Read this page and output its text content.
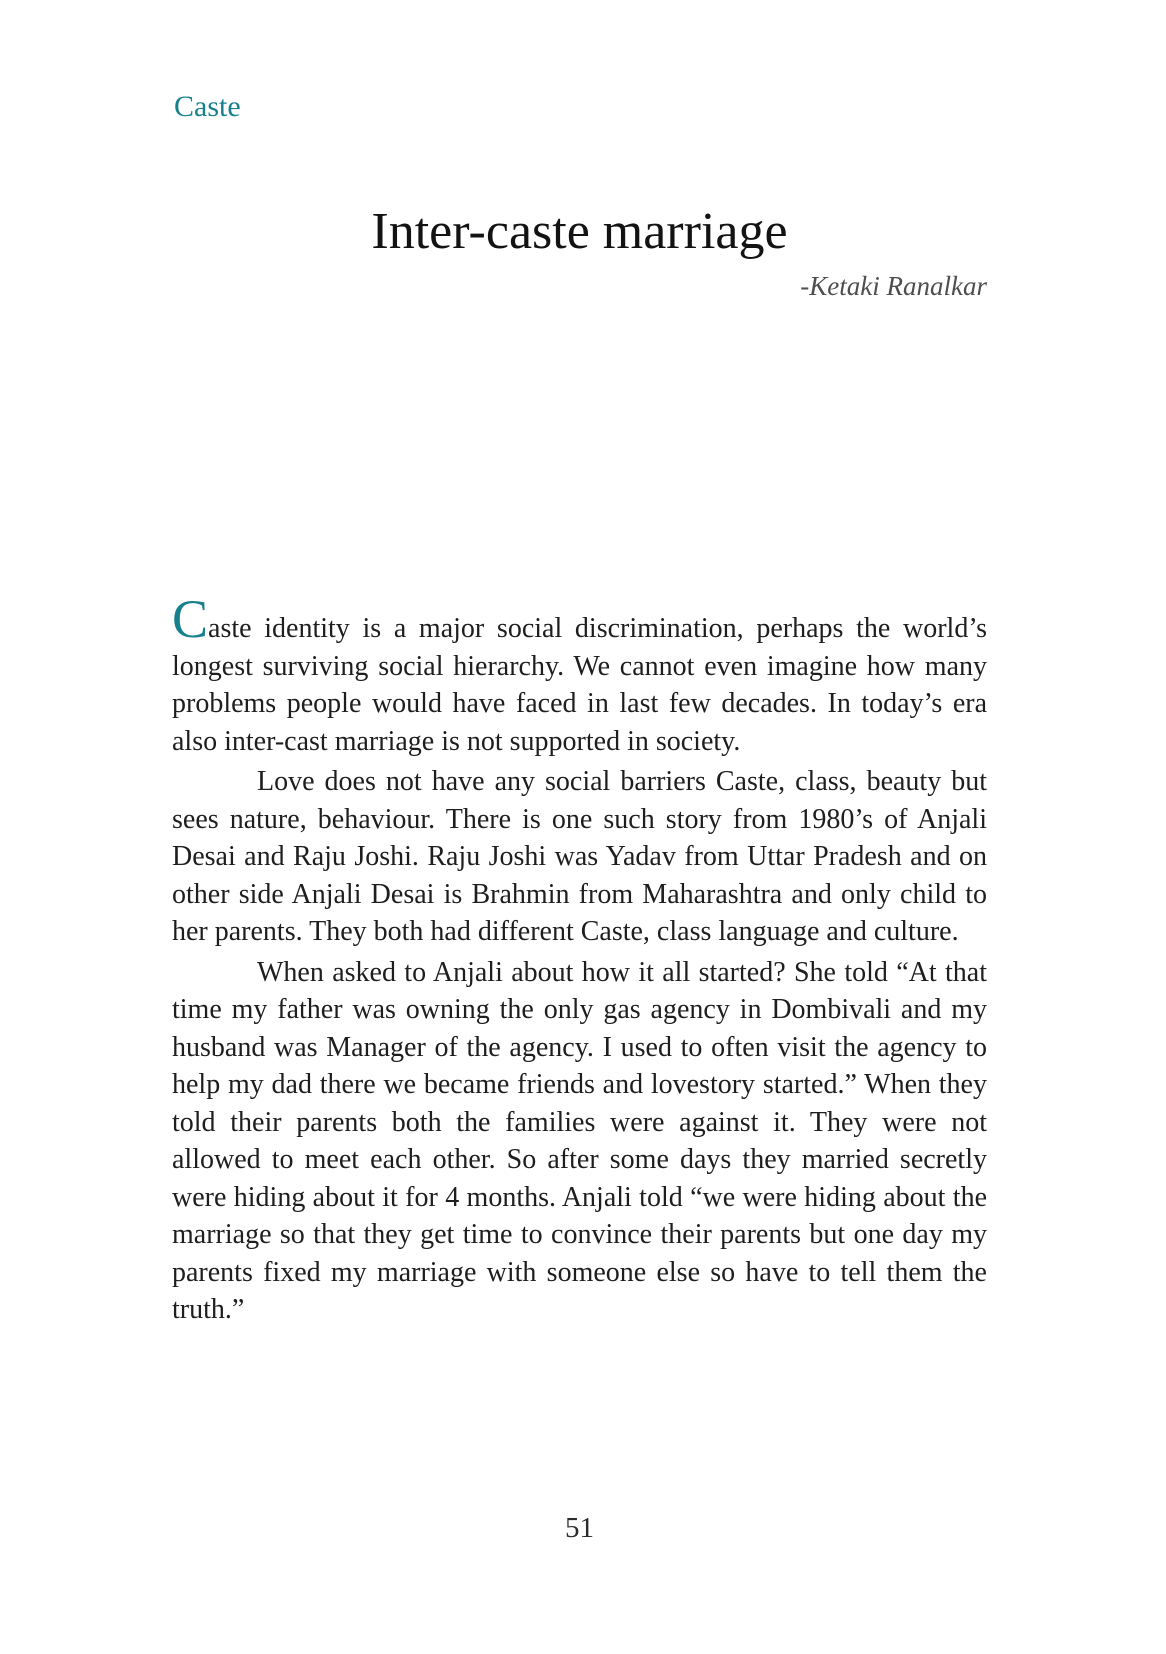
Caste
Inter-caste marriage
-Ketaki Ranalkar

Caste identity is a major social discrimination, perhaps the world’s longest surviving social hierarchy. We cannot even imagine how many problems people would have faced in last few decades. In today’s era also inter-cast marriage is not supported in society.

Love does not have any social barriers Caste, class, beauty but sees nature, behaviour. There is one such story from 1980’s of Anjali Desai and Raju Joshi. Raju Joshi was Yadav from Uttar Pradesh and on other side Anjali Desai is Brahmin from Maharashtra and only child to her parents. They both had different Caste, class language and culture.

When asked to Anjali about how it all started? She told “At that time my father was owning the only gas agency in Dombivali and my husband was Manager of the agency. I used to often visit the agency to help my dad there we became friends and lovestory started.” When they told their parents both the families were against it. They were not allowed to meet each other. So after some days they married secretly were hiding about it for 4 months. Anjali told “we were hiding about the marriage so that they get time to convince their parents but one day my parents fixed my marriage with someone else so have to tell them the truth.”

51
